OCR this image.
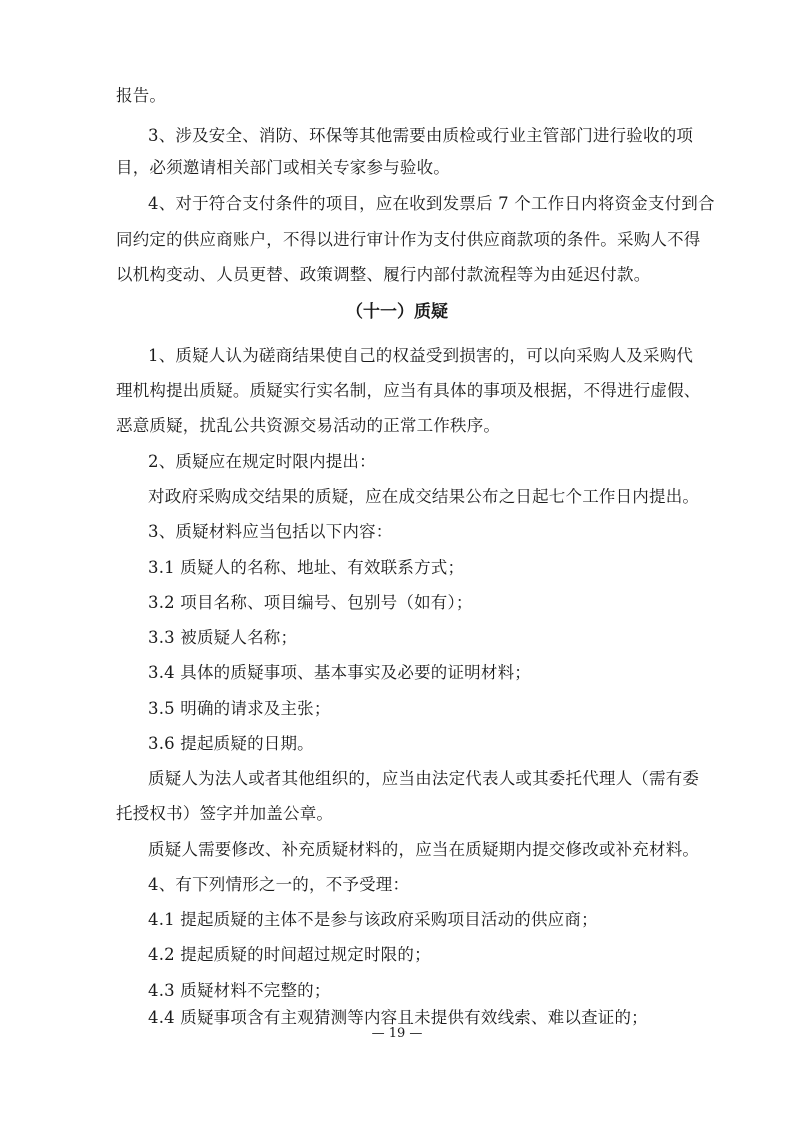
报告。
3、涉及安全、消防、环保等其他需要由质检或行业主管部门进行验收的项
目，必须邀请相关部门或相关专家参与验收。
4、对于符合支付条件的项目，应在收到发票后 7 个工作日内将资金支付到合
同约定的供应商账户，不得以进行审计作为支付供应商款项的条件。采购人不得
以机构变动、人员更替、政策调整、履行内部付款流程等为由延迟付款。
（十一）质疑
1、质疑人认为磋商结果使自己的权益受到损害的，可以向采购人及采购代
理机构提出质疑。质疑实行实名制，应当有具体的事项及根据，不得进行虚假、
恶意质疑，扰乱公共资源交易活动的正常工作秩序。
2、质疑应在规定时限内提出：
对政府采购成交结果的质疑，应在成交结果公布之日起七个工作日内提出。
3、质疑材料应当包括以下内容：
3.1 质疑人的名称、地址、有效联系方式；
3.2 项目名称、项目编号、包别号（如有）；
3.3 被质疑人名称；
3.4 具体的质疑事项、基本事实及必要的证明材料；
3.5 明确的请求及主张；
3.6 提起质疑的日期。
质疑人为法人或者其他组织的，应当由法定代表人或其委托代理人（需有委
托授权书）签字并加盖公章。
质疑人需要修改、补充质疑材料的，应当在质疑期内提交修改或补充材料。
4、有下列情形之一的，不予受理：
4.1 提起质疑的主体不是参与该政府采购项目活动的供应商；
4.2 提起质疑的时间超过规定时限的；
4.3 质疑材料不完整的；
4.4 质疑事项含有主观猜测等内容且未提供有效线索、难以查证的；
— 19 —
